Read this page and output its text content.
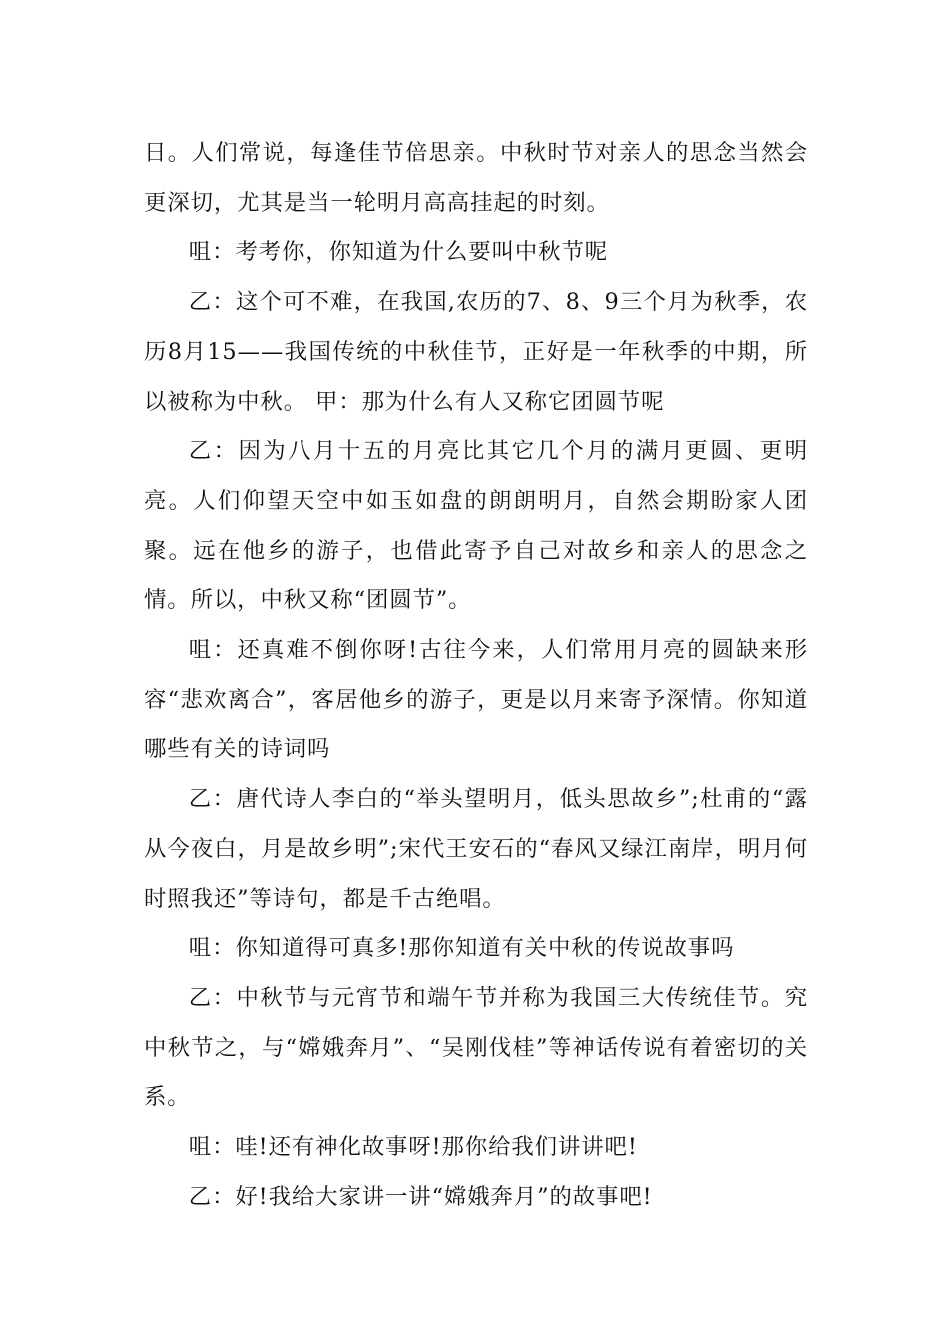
日。人们常说，每逢佳节倍思亲。中秋时节对亲人的思念当然会更深切，尤其是当一轮明月高高挂起的时刻。

咀：考考你，你知道为什么要叫中秋节呢

乙：这个可不难，在我国,农历的7、8、9三个月为秋季，农历8月15——我国传统的中秋佳节，正好是一年秋季的中期，所以被称为中秋。 甲：那为什么有人又称它团圆节呢

乙：因为八月十五的月亮比其它几个月的满月更圆、更明亮。人们仰望天空中如玉如盘的朗朗明月，自然会期盼家人团聚。远在他乡的游子，也借此寄予自己对故乡和亲人的思念之情。所以，中秋又称“团圆节”。

咀：还真难不倒你呀!古往今来，人们常用月亮的圆缺来形容“悲欢离合”，客居他乡的游子，更是以月来寄予深情。你知道哪些有关的诗词吗

乙：唐代诗人李白的“举头望明月，低头思故乡”;杜甫的“露从今夜白，月是故乡明”;宋代王安石的“春风又绿江南岸，明月何时照我还”等诗句，都是千古绝唱。

咀：你知道得可真多!那你知道有关中秋的传说故事吗

乙：中秋节与元宵节和端午节并称为我国三大传统佳节。究中秋节之，与“嫦娥奔月”、“吴刚伐桂”等神话传说有着密切的关系。

咀：哇!还有神化故事呀!那你给我们讲讲吧!

乙：好!我给大家讲一讲“嫦娥奔月”的故事吧!
